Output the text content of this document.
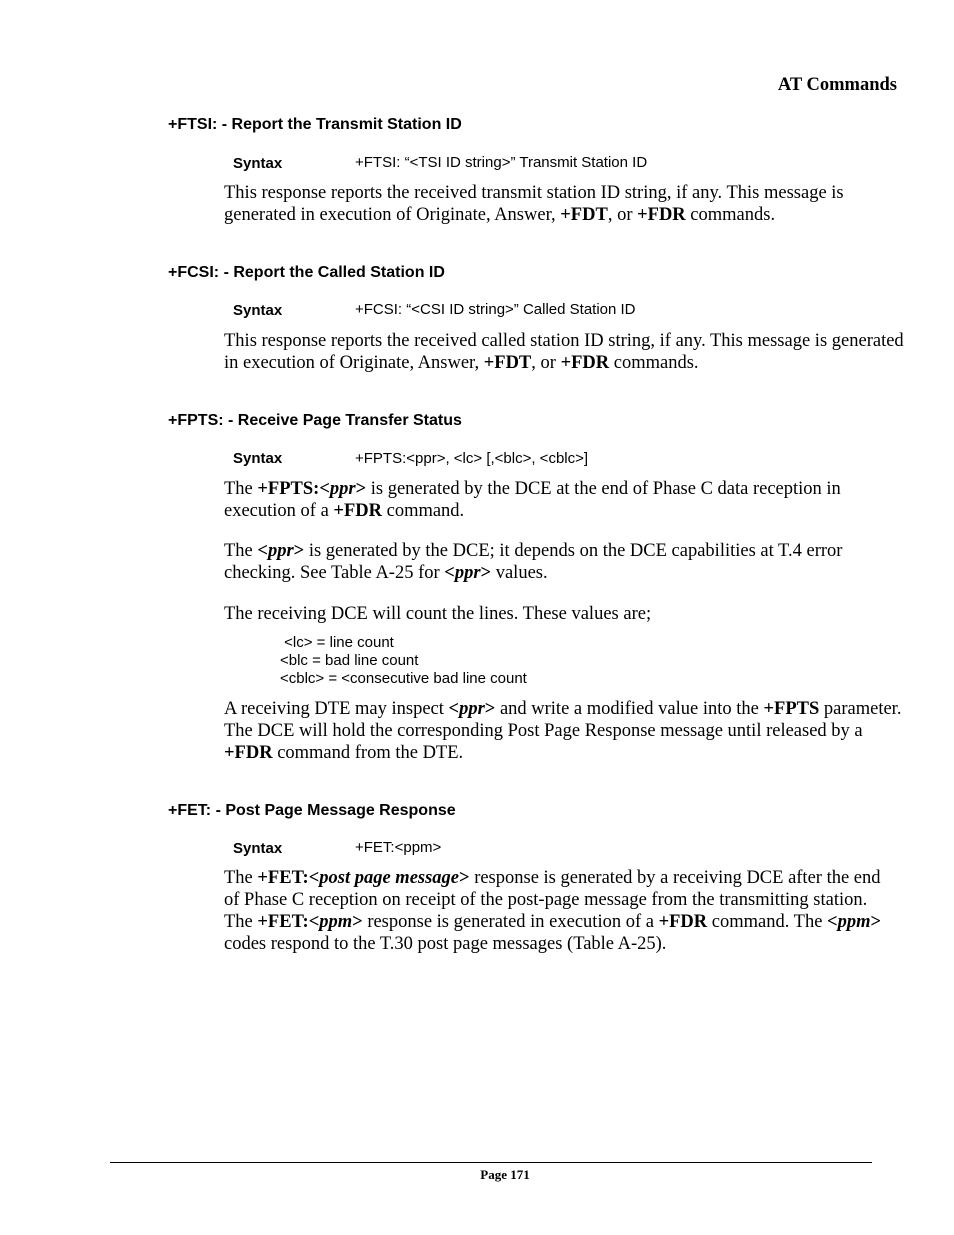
AT Commands
+FTSI: - Report the Transmit Station ID
Syntax	+FTSI: “<TSI ID string>” Transmit Station ID
This response reports the received transmit station ID string, if any. This message is generated in execution of Originate, Answer, +FDT, or +FDR commands.
+FCSI: - Report the Called Station ID
Syntax	+FCSI: “<CSI ID string>” Called Station ID
This response reports the received called station ID string, if any. This message is generated in execution of Originate, Answer, +FDT, or +FDR commands.
+FPTS: - Receive Page Transfer Status
Syntax	+FPTS:<ppr>, <lc> [,<blc>, <cblc>]
The +FPTS:<ppr> is generated by the DCE at the end of Phase C data reception in execution of a +FDR command.
The <ppr> is generated by the DCE; it depends on the DCE capabilities at T.4 error checking. See Table A-25 for <ppr> values.
The receiving DCE will count the lines. These values are;
<lc> = line count
<blc = bad line count
<cblc> = <consecutive bad line count
A receiving DTE may inspect <ppr> and write a modified value into the +FPTS parameter. The DCE will hold the corresponding Post Page Response message until released by a +FDR command from the DTE.
+FET: - Post Page Message Response
Syntax	+FET:<ppm>
The +FET:<post page message> response is generated by a receiving DCE after the end of Phase C reception on receipt of the post-page message from the transmitting station. The +FET:<ppm> response is generated in execution of a +FDR command. The <ppm> codes respond to the T.30 post page messages (Table A-25).
Page 171
